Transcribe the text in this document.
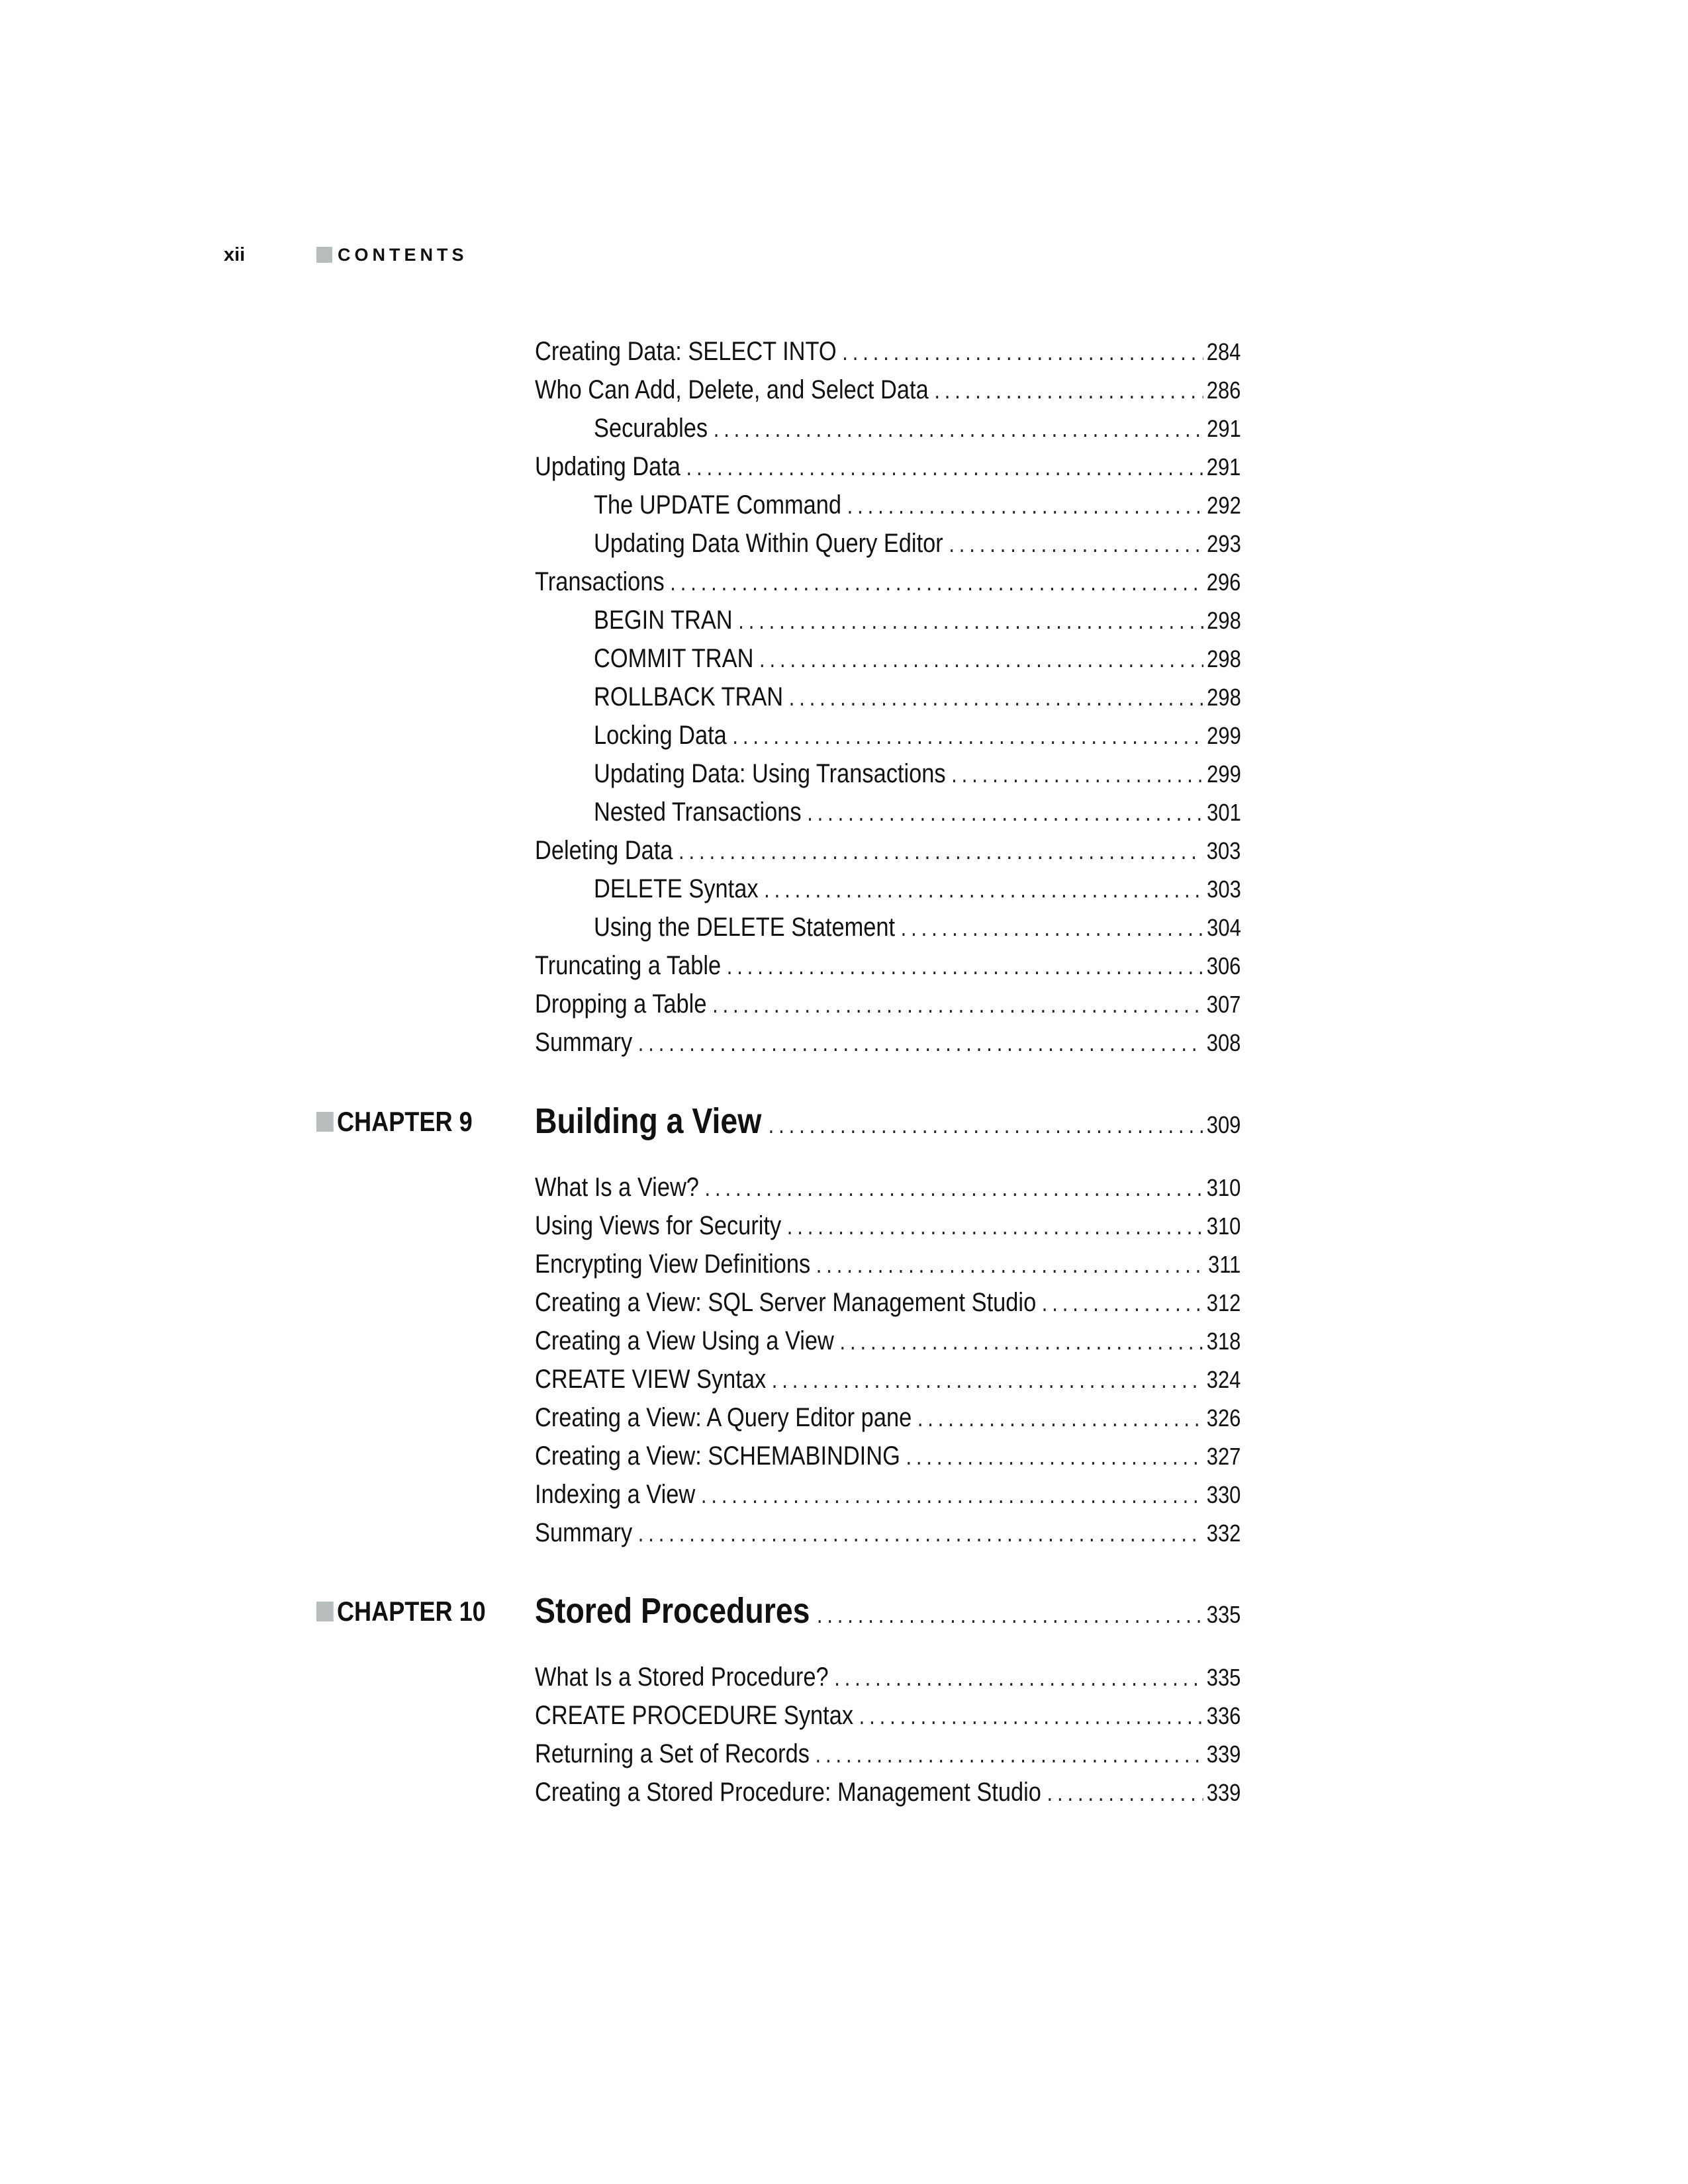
xii	CONTENTS
Creating Data: SELECT INTO . . .	284
Who Can Add, Delete, and Select Data . . .	286
Securables . . .	291
Updating Data . . .	291
The UPDATE Command . . .	292
Updating Data Within Query Editor . . .	293
Transactions . . .	296
BEGIN TRAN . . .	298
COMMIT TRAN . . .	298
ROLLBACK TRAN . . .	298
Locking Data . . .	299
Updating Data: Using Transactions . . .	299
Nested Transactions . . .	301
Deleting Data . . .	303
DELETE Syntax . . .	303
Using the DELETE Statement . . .	304
Truncating a Table . . .	306
Dropping a Table . . .	307
Summary . . .	308
CHAPTER 9 Building a View . . .	309
What Is a View? . . .	310
Using Views for Security . . .	310
Encrypting View Definitions . . .	311
Creating a View: SQL Server Management Studio . . .	312
Creating a View Using a View . . .	318
CREATE VIEW Syntax . . .	324
Creating a View: A Query Editor pane . . .	326
Creating a View: SCHEMABINDING . . .	327
Indexing a View . . .	330
Summary . . .	332
CHAPTER 10 Stored Procedures . . .	335
What Is a Stored Procedure? . . .	335
CREATE PROCEDURE Syntax . . .	336
Returning a Set of Records . . .	339
Creating a Stored Procedure: Management Studio . . .	339
